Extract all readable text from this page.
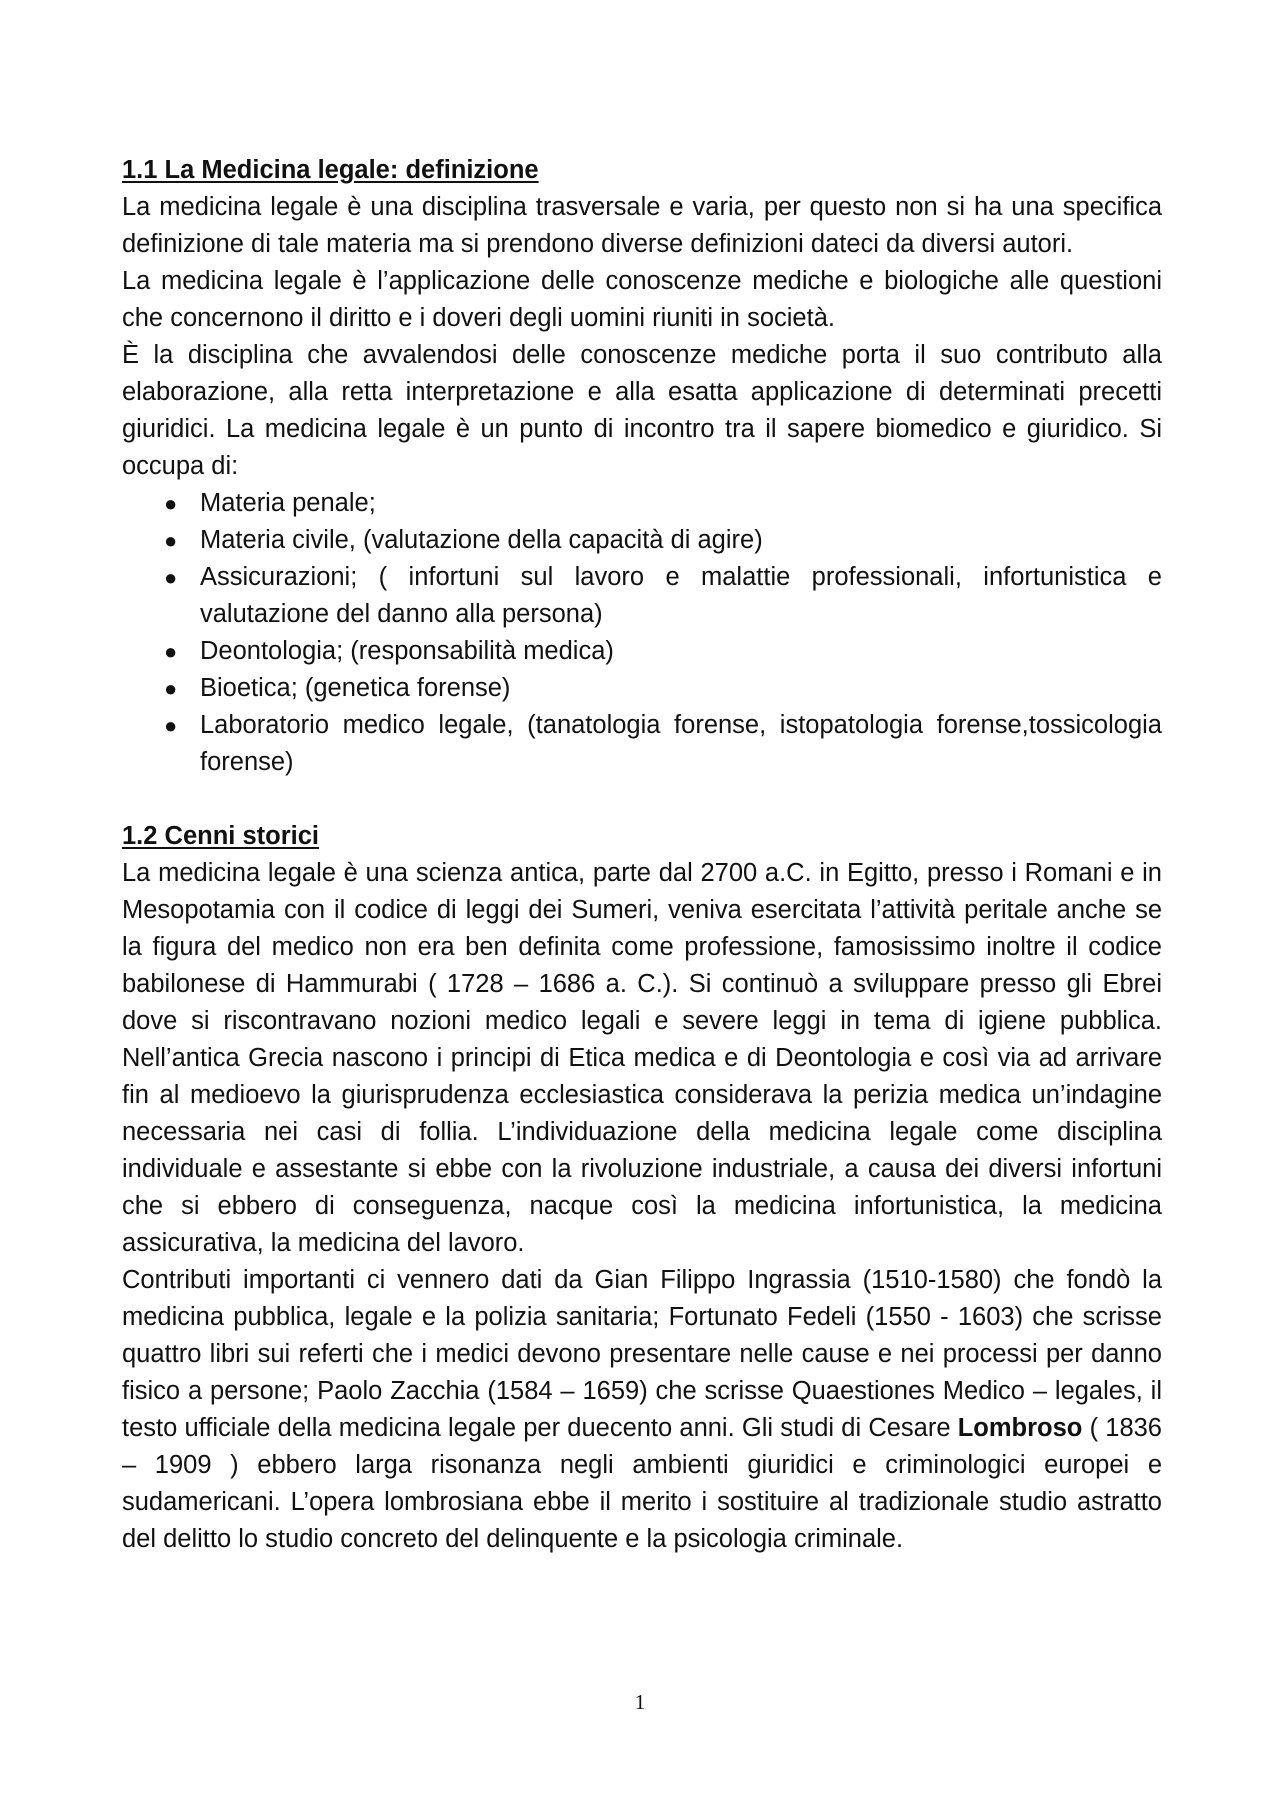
1.1 La Medicina legale: definizione

La medicina legale è una disciplina trasversale e varia, per questo non si ha una specifica definizione di tale materia ma si prendono diverse definizioni dateci da diversi autori.

La medicina legale è l’applicazione delle conoscenze mediche e biologiche alle questioni che concernono il diritto e i doveri degli uomini riuniti in società.

È la disciplina che avvalendosi delle conoscenze mediche porta il suo contributo alla elaborazione, alla retta interpretazione e alla esatta applicazione di determinati precetti giuridici. La medicina legale è un punto di incontro tra il sapere biomedico e giuridico. Si occupa di:

● Materia penale;
● Materia civile, (valutazione della capacità di agire)
● Assicurazioni; ( infortuni sul lavoro e malattie professionali, infortunistica e valutazione del danno alla persona)
● Deontologia; (responsabilità medica)
● Bioetica; (genetica forense)
● Laboratorio medico legale, (tanatologia forense, istopatologia forense,tossicologia forense)
1.2 Cenni storici

La medicina legale è una scienza antica, parte dal 2700 a.C. in Egitto, presso i Romani e in Mesopotamia con il codice di leggi dei Sumeri, veniva esercitata l’attività peritale anche se la figura del medico non era ben definita come professione, famosissimo inoltre il codice babilonese di Hammurabi ( 1728 – 1686 a. C.). Si continuò a sviluppare presso gli Ebrei dove si riscontravano nozioni medico legali e severe leggi in tema di igiene pubblica. Nell’antica Grecia nascono i principi di Etica medica e di Deontologia e così via ad arrivare fin al medioevo la giurisprudenza ecclesiastica considerava la perizia medica un’indagine necessaria nei casi di follia. L’individuazione della medicina legale come disciplina individuale e assestante si ebbe con la rivoluzione industriale, a causa dei diversi infortuni che si ebbero di conseguenza, nacque così la medicina infortunistica, la medicina assicurativa, la medicina del lavoro.

Contributi importanti ci vennero dati da Gian Filippo Ingrassia (1510-1580) che fondò la medicina pubblica, legale e la polizia sanitaria; Fortunato Fedeli (1550 - 1603) che scrisse quattro libri sui referti che i medici devono presentare nelle cause e nei processi per danno fisico a persone; Paolo Zacchia (1584 – 1659) che scrisse Quaestiones Medico – legales, il testo ufficiale della medicina legale per duecento anni. Gli studi di Cesare Lombroso ( 1836 – 1909 ) ebbero larga risonanza negli ambienti giuridici e criminologici europei e sudamericani. L’opera lombrosiana ebbe il merito i sostituire al tradizionale studio astratto del delitto lo studio concreto del delinquente e la psicologia criminale.

1
